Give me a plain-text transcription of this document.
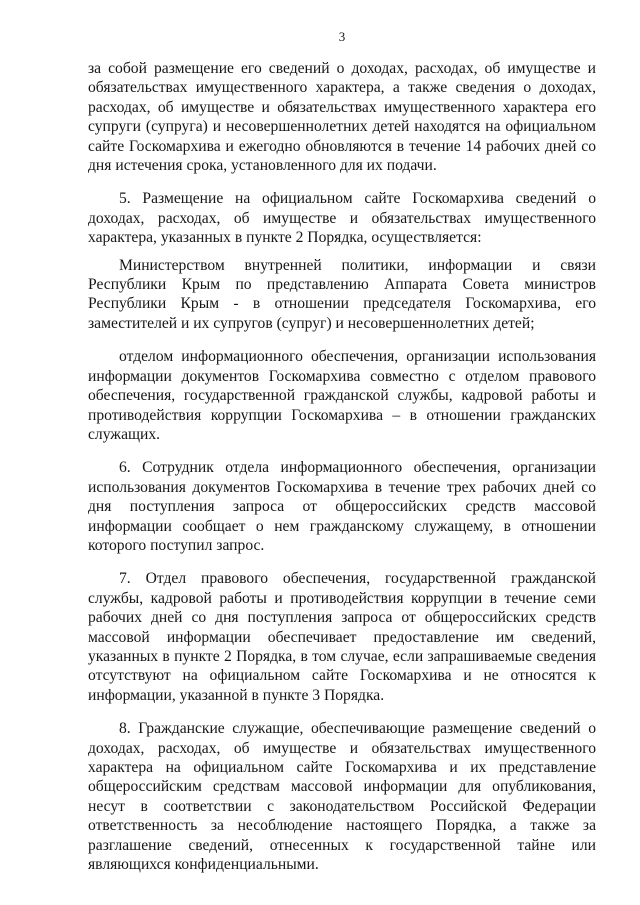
3

за собой размещение его сведений о доходах, расходах, об имуществе и обязательствах имущественного характера, а также сведения о доходах, расходах, об имуществе и обязательствах имущественного характера его супруги (супруга) и несовершеннолетних детей находятся на официальном сайте Госкомархива и ежегодно обновляются в течение 14 рабочих дней со дня истечения срока, установленного для их подачи.

5. Размещение на официальном сайте Госкомархива сведений о доходах, расходах, об имуществе и обязательствах имущественного характера, указанных в пункте 2 Порядка, осуществляется:

Министерством внутренней политики, информации и связи Республики Крым по представлению Аппарата Совета министров Республики Крым - в отношении председателя Госкомархива, его заместителей и их супругов (супруг) и несовершеннолетних детей;

отделом информационного обеспечения, организации использования информации документов Госкомархива совместно с отделом правового обеспечения, государственной гражданской службы, кадровой работы и противодействия коррупции Госкомархива – в отношении гражданских служащих.

6. Сотрудник отдела информационного обеспечения, организации использования документов Госкомархива в течение трех рабочих дней со дня поступления запроса от общероссийских средств массовой информации сообщает о нем гражданскому служащему, в отношении которого поступил запрос.

7. Отдел правового обеспечения, государственной гражданской службы, кадровой работы и противодействия коррупции в течение семи рабочих дней со дня поступления запроса от общероссийских средств массовой информации обеспечивает предоставление им сведений, указанных в пункте 2 Порядка, в том случае, если запрашиваемые сведения отсутствуют на официальном сайте Госкомархива и не относятся к информации, указанной в пункте 3 Порядка.

8. Гражданские служащие, обеспечивающие размещение сведений о доходах, расходах, об имуществе и обязательствах имущественного характера на официальном сайте Госкомархива и их представление общероссийским средствам массовой информации для опубликования, несут в соответствии с законодательством Российской Федерации ответственность за несоблюдение настоящего Порядка, а также за разглашение сведений, отнесенных к государственной тайне или являющихся конфиденциальными.
